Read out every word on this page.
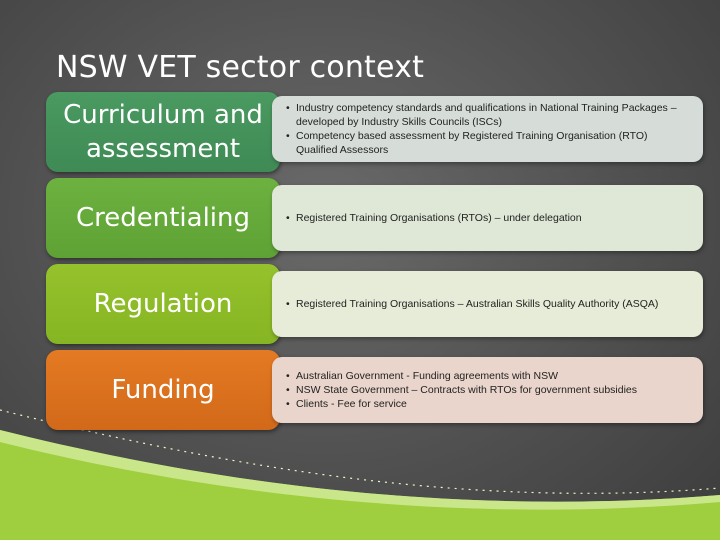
NSW VET sector context
Curriculum and assessment
• Industry competency standards and qualifications in National Training Packages – developed by Industry Skills Councils (ISCs)
• Competency based assessment by Registered Training Organisation (RTO) Qualified Assessors
Credentialing	• Registered Training Organisations (RTOs) – under delegation
Regulation	• Registered Training Organisations – Australian Skills Quality Authority (ASQA)
Funding	• Australian Government - Funding agreements with NSW
• NSW State Government – Contracts with RTOs for government subsidies
• Clients - Fee for service
